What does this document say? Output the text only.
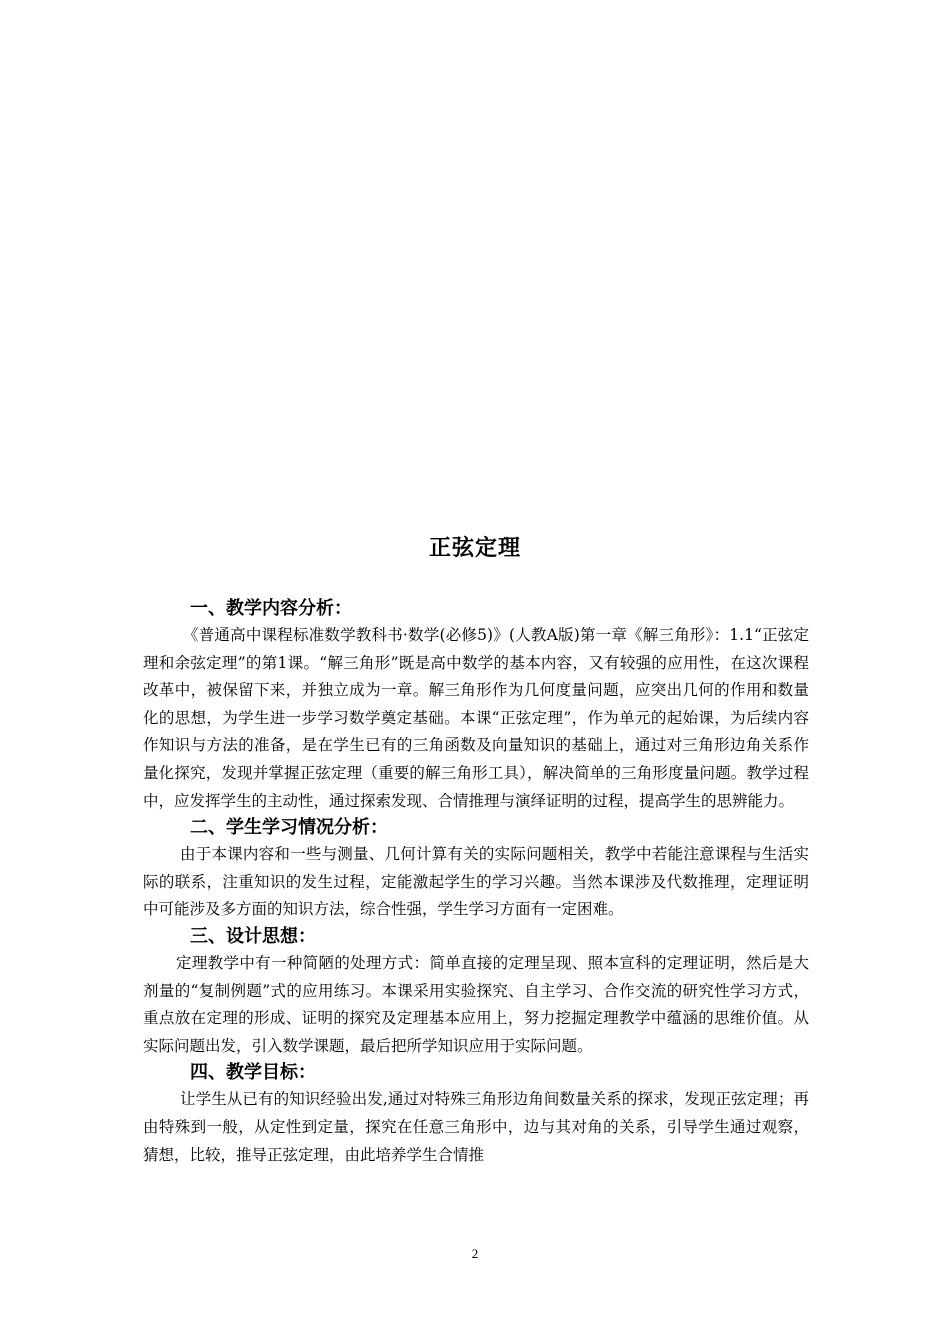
正弦定理
一、教学内容分析：

《普通高中课程标准数学教科书·数学(必修5)》(人教A版)第一章《解三角形》：1.1“正弦定理和余弦定理”的第1课。“解三角形”既是高中数学的基本内容，又有较强的应用性，在这次课程改革中，被保留下来，并独立成为一章。解三角形作为几何度量问题，应突出几何的作用和数量化的思想，为学生进一步学习数学奠定基础。本课“正弦定理”，作为单元的起始课，为后续内容作知识与方法的准备，是在学生已有的三角函数及向量知识的基础上，通过对三角形边角关系作量化探究，发现并掌握正弦定理（重要的解三角形工具），解决简单的三角形度量问题。教学过程中，应发挥学生的主动性，通过探索发现、合情推理与演绎证明的过程，提高学生的思辨能力。

二、学生学习情况分析：

由于本课内容和一些与测量、几何计算有关的实际问题相关，教学中若能注意课程与生活实际的联系，注重知识的发生过程，定能激起学生的学习兴趣。当然本课涉及代数推理，定理证明中可能涉及多方面的知识方法，综合性强，学生学习方面有一定困难。

三、设计思想：

定理教学中有一种简陋的处理方式：简单直接的定理呈现、照本宣科的定理证明，然后是大剂量的“复制例题”式的应用练习。本课采用实验探究、自主学习、合作交流的研究性学习方式，重点放在定理的形成、证明的探究及定理基本应用上，努力挖掘定理教学中蕴涵的思维价值。从实际问题出发，引入数学课题，最后把所学知识应用于实际问题。

四、教学目标：

让学生从已有的知识经验出发,通过对特殊三角形边角间数量关系的探求，发现正弦定理；再由特殊到一般，从定性到定量，探究在任意三角形中，边与其对角的关系，引导学生通过观察，猜想，比较，推导正弦定理，由此培养学生合情推

2
